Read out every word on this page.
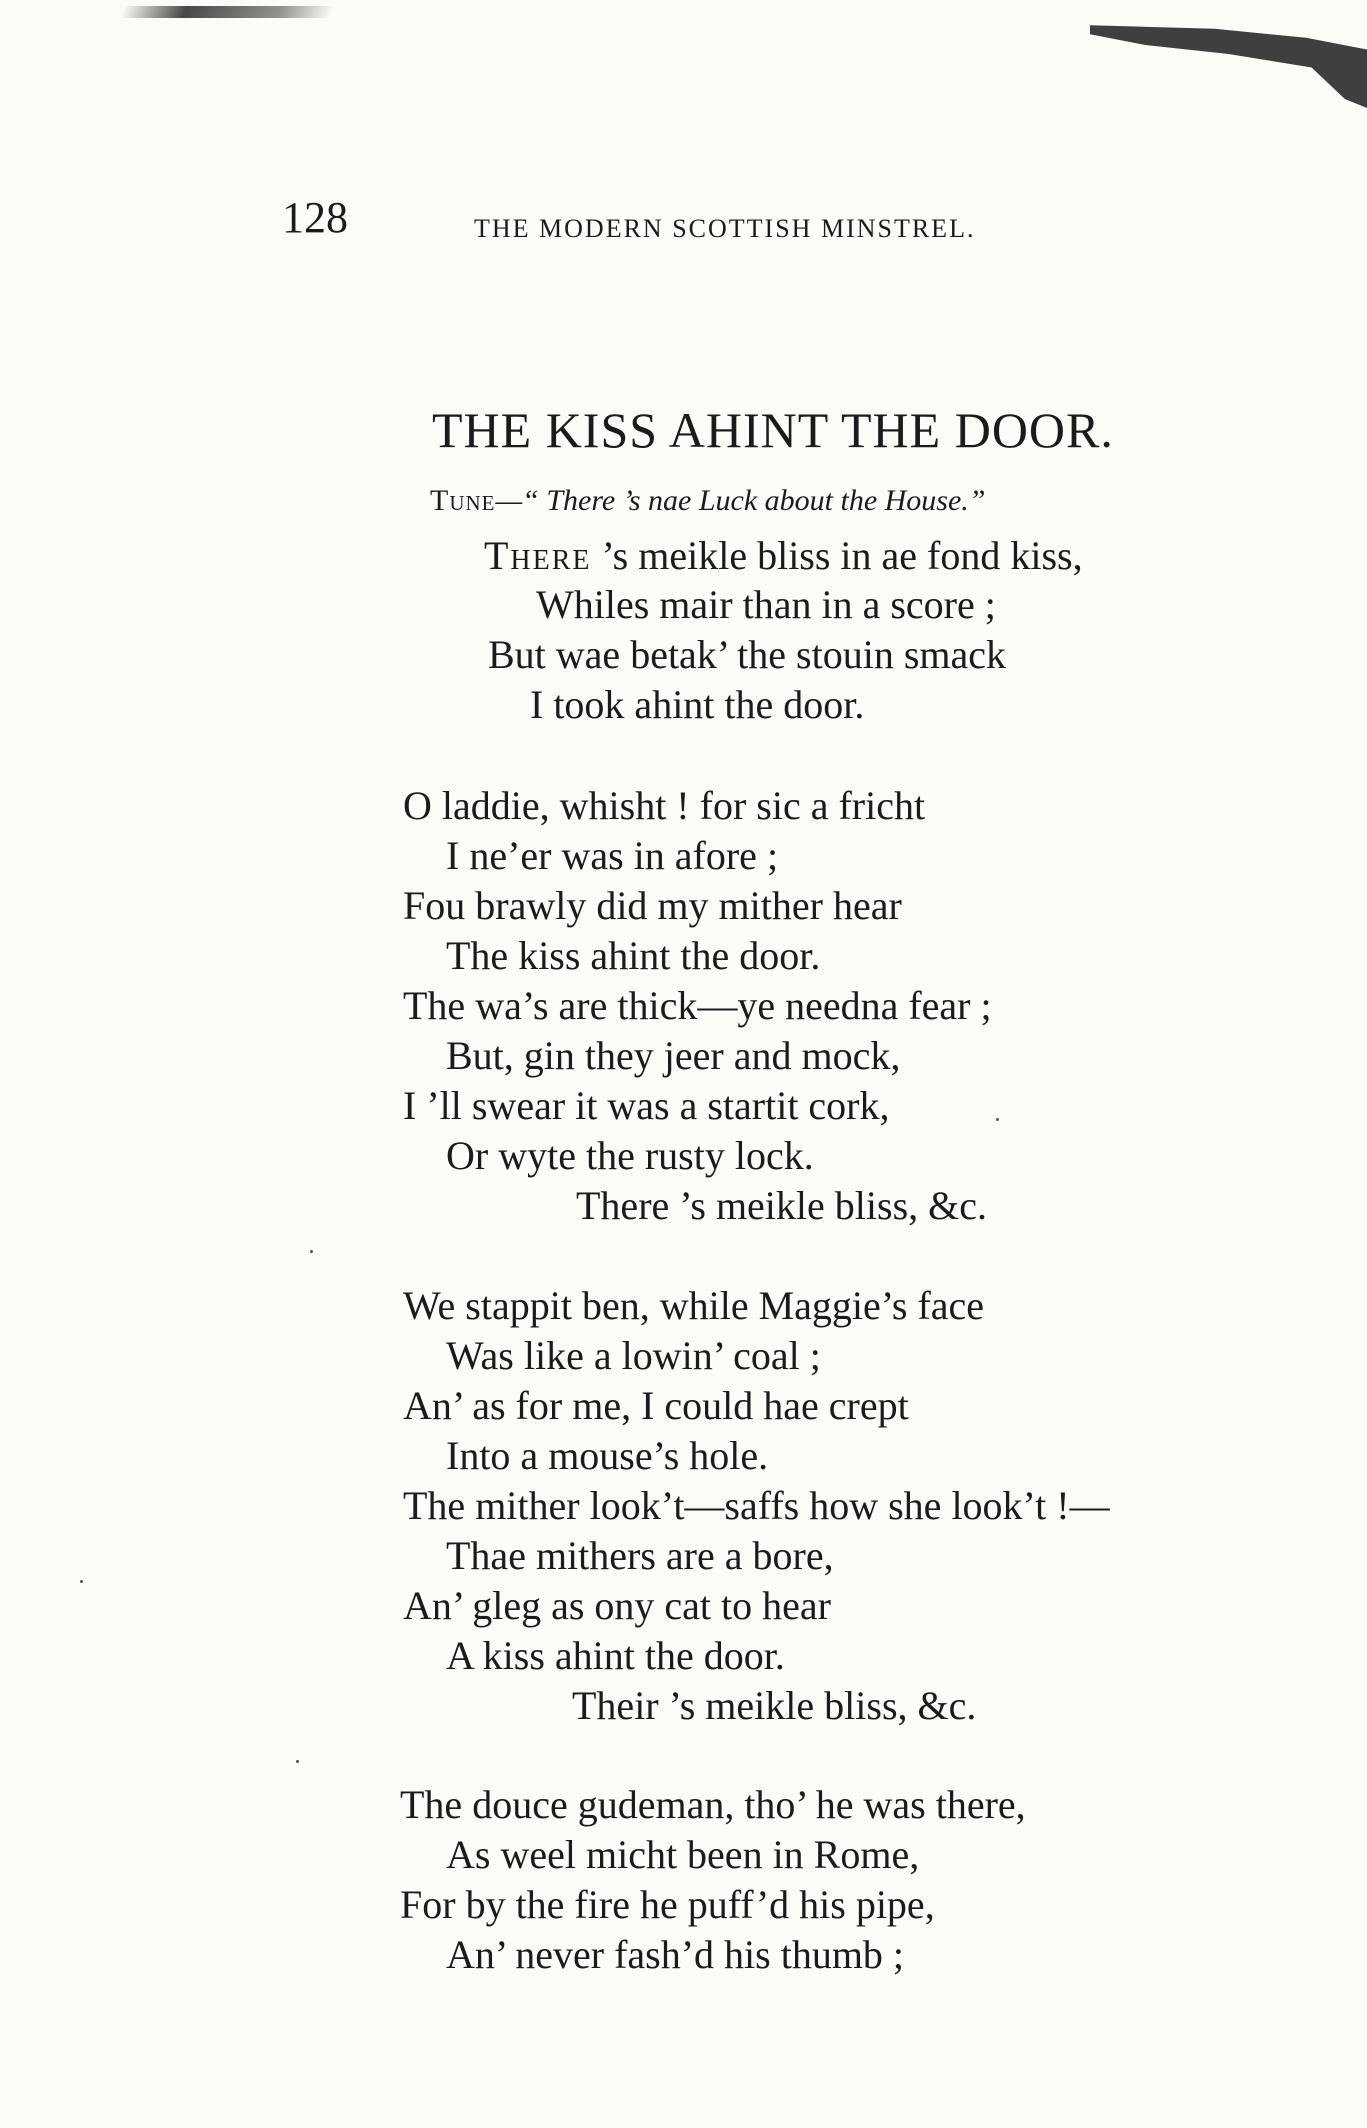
128	THE MODERN SCOTTISH MINSTREL.
THE KISS AHINT THE DOOR.
Tune—“ There ’s nae Luck about the House.”
There ’s meikle bliss in ae fond kiss,
Whiles mair than in a score ;
But wae betak’ the stouin smack
I took ahint the door.
O laddie, whisht ! for sic a fricht
I ne’er was in afore ;
Fou brawly did my mither hear
The kiss ahint the door.
The wa’s are thick—ye needna fear ;
But, gin they jeer and mock,
I ’ll swear it was a startit cork,
Or wyte the rusty lock.
There ’s meikle bliss, &c.
We stappit ben, while Maggie’s face
Was like a lowin’ coal ;
An’ as for me, I could hae crept
Into a mouse’s hole.
The mither look’t—saffs how she look’t !—
Thae mithers are a bore,
An’ gleg as ony cat to hear
A kiss ahint the door.
Their ’s meikle bliss, &c.
The douce gudeman, tho’ he was there,
As weel micht been in Rome,
For by the fire he puff’d his pipe,
An’ never fash’d his thumb ;
